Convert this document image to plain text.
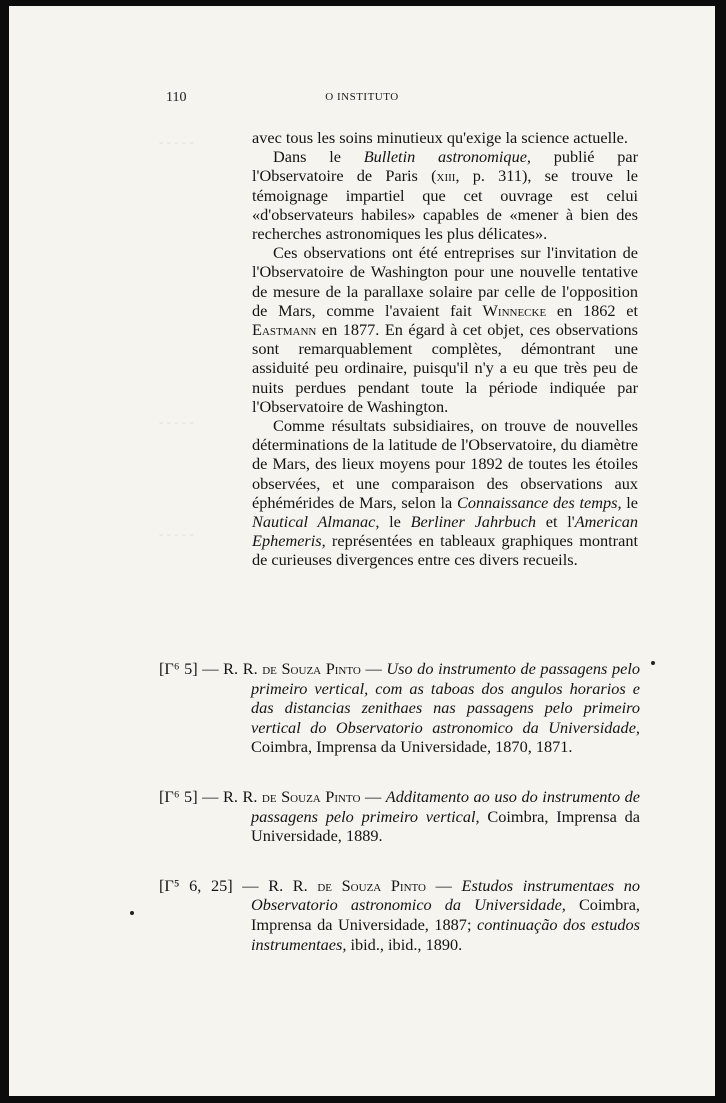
- - - - -
- - - - -
- - - - -
110	O INSTITUTO

avec tous les soins minutieux qu'exige la science actuelle.

Dans le Bulletin astronomique, publié par l'Observatoire de Paris (xiii, p. 311), se trouve le témoignage impartiel que cet ouvrage est celui «d'observateurs habiles» capables de «mener à bien des recherches astronomiques les plus délicates».

Ces observations ont été entreprises sur l'invitation de l'Observatoire de Washington pour une nouvelle tentative de mesure de la parallaxe solaire par celle de l'opposition de Mars, comme l'avaient fait Winnecke en 1862 et Eastmann en 1877. En égard à cet objet, ces observations sont remarquablement complètes, démontrant une assiduité peu ordinaire, puisqu'il n'y a eu que très peu de nuits perdues pendant toute la période indiquée par l'Observatoire de Washington.

Comme résultats subsidiaires, on trouve de nouvelles déterminations de la latitude de l'Observatoire, du diamètre de Mars, des lieux moyens pour 1892 de toutes les étoiles observées, et une comparaison des observations aux éphémérides de Mars, selon la Connaissance des temps, le Nautical Almanac, le Berliner Jahrbuch et l'American Ephemeris, représentées en tableaux graphiques montrant de curieuses divergences entre ces divers recueils.

[Γ⁶ 5] — R. R. de Souza Pinto — Uso do instrumento de passagens pelo primeiro vertical, com as taboas dos angulos horarios e das distancias zenithaes nas passagens pelo primeiro vertical do Observatorio astronomico da Universidade, Coimbra, Imprensa da Universidade, 1870, 1871.
[Γ⁶ 5] — R. R. de Souza Pinto — Additamento ao uso do instrumento de passagens pelo primeiro vertical, Coimbra, Imprensa da Universidade, 1889.
[Γ⁵ 6, 25] — R. R. de Souza Pinto — Estudos instrumentaes no Observatorio astronomico da Universidade, Coimbra, Imprensa da Universidade, 1887; continuação dos estudos instrumentaes, ibid., ibid., 1890.
